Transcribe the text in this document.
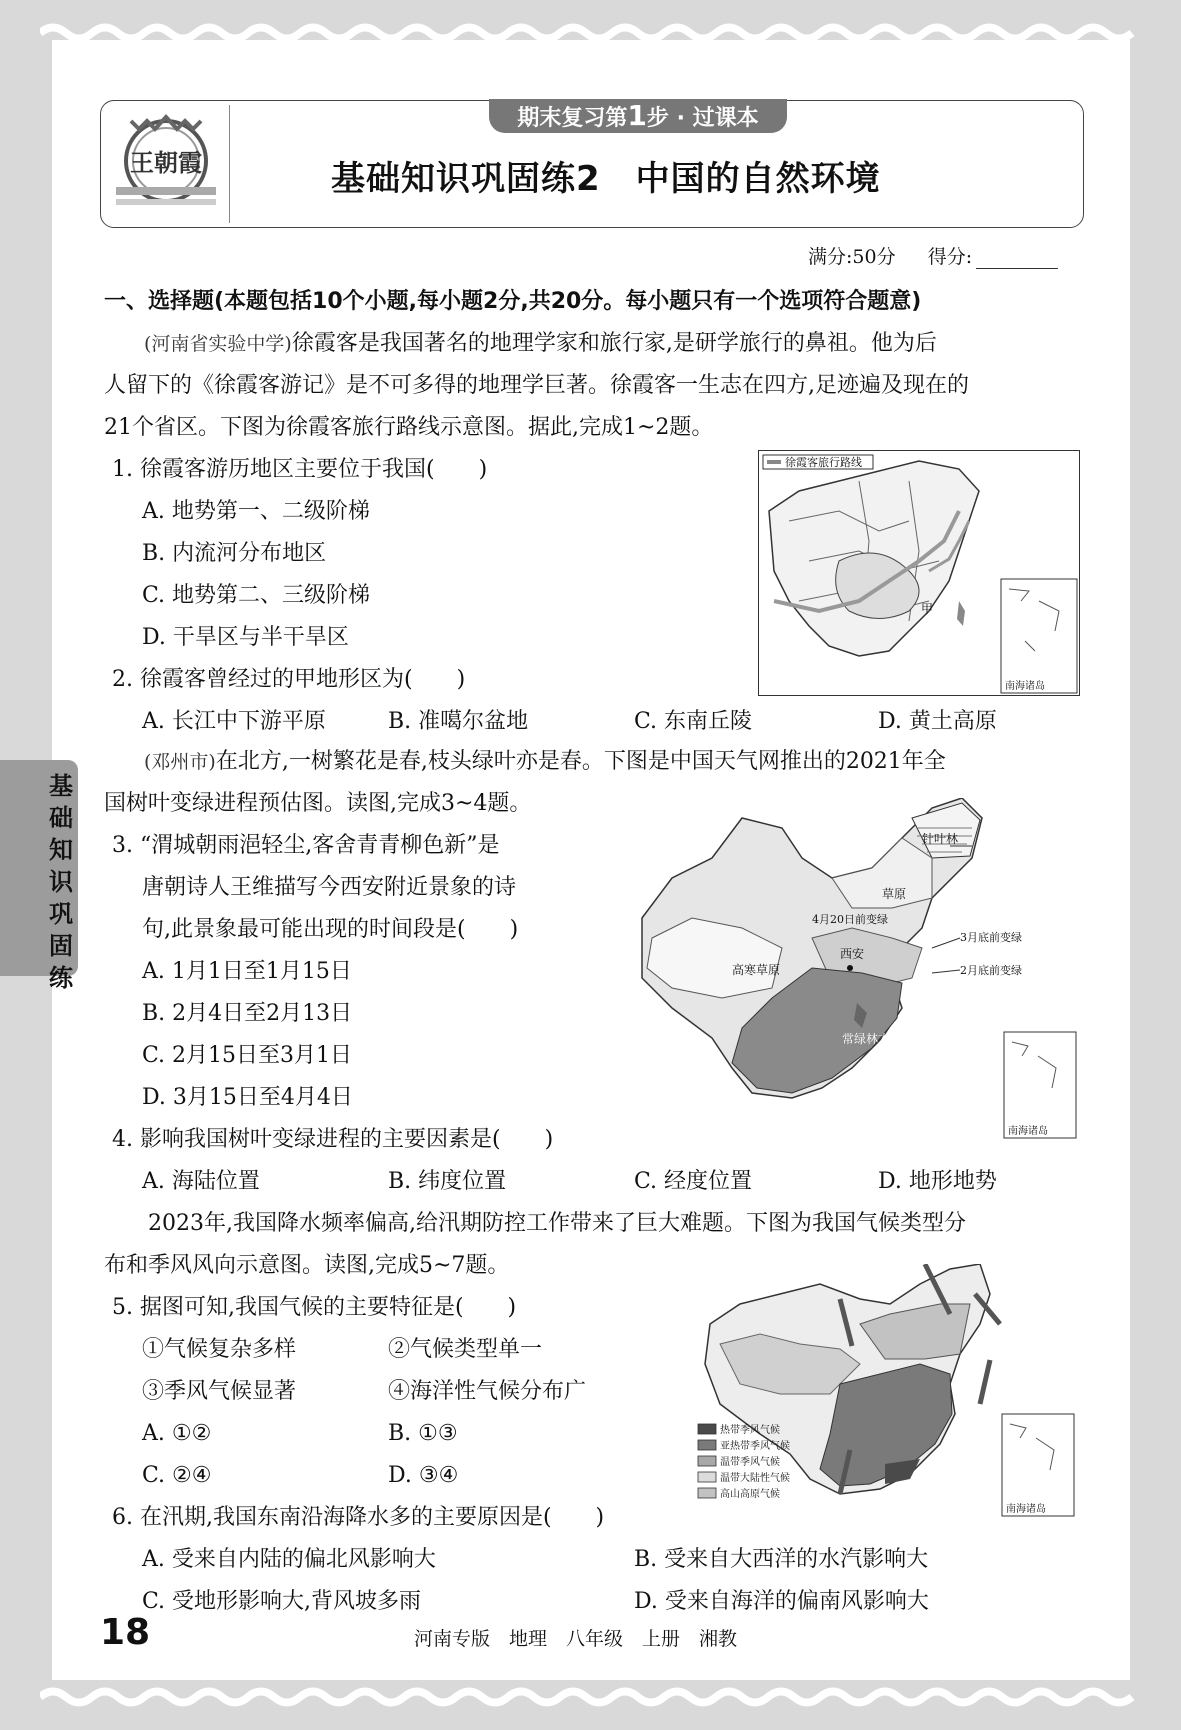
王朝霞
期末复习第1步 · 过课本
基础知识巩固练2　中国的自然环境
满分:50分 得分:
一、选择题(本题包括10个小题,每小题2分,共20分。每小题只有一个选项符合题意)
(河南省实验中学)徐霞客是我国著名的地理学家和旅行家,是研学旅行的鼻祖。他为后
人留下的《徐霞客游记》是不可多得的地理学巨著。徐霞客一生志在四方,足迹遍及现在的
21个省区。下图为徐霞客旅行路线示意图。据此,完成1~2题。
1. 徐霞客游历地区主要位于我国(　　)
A. 地势第一、二级阶梯
B. 内流河分布地区
C. 地势第二、三级阶梯
D. 干旱区与半干旱区
徐霞客旅行路线
甲
南海诸岛
2. 徐霞客曾经过的甲地形区为(　　)
A. 长江中下游平原	B. 准噶尔盆地	C. 东南丘陵	D. 黄土高原
(邓州市)在北方,一树繁花是春,枝头绿叶亦是春。下图是中国天气网推出的2021年全
国树叶变绿进程预估图。读图,完成3~4题。
基础知识巩固练
3. “渭城朝雨浥轻尘,客舍青青柳色新”是
唐朝诗人王维描写今西安附近景象的诗
句,此景象最可能出现的时间段是(　　)
A. 1月1日至1月15日
B. 2月4日至2月13日
C. 2月15日至3月1日
D. 3月15日至4月4日
针叶林
草原
4月20日前变绿
3月底前变绿
2月底前变绿
高寒草原
西安
常绿林木
南海诸岛
4. 影响我国树叶变绿进程的主要因素是(　　)
A. 海陆位置	B. 纬度位置	C. 经度位置	D. 地形地势
2023年,我国降水频率偏高,给汛期防控工作带来了巨大难题。下图为我国气候类型分
布和季风风向示意图。读图,完成5~7题。
5. 据图可知,我国气候的主要特征是(　　)
①气候复杂多样	②气候类型单一
③季风气候显著	④海洋性气候分布广
A. ①②	B. ①③
C. ②④	D. ③④
热带季风气候
亚热带季风气候
温带季风气候
温带大陆性气候
高山高原气候
南海诸岛
6. 在汛期,我国东南沿海降水多的主要原因是(　　)
A. 受来自内陆的偏北风影响大	B. 受来自大西洋的水汽影响大
C. 受地形影响大,背风坡多雨	D. 受来自海洋的偏南风影响大
18	河南专版　地理　八年级　上册　湘教
